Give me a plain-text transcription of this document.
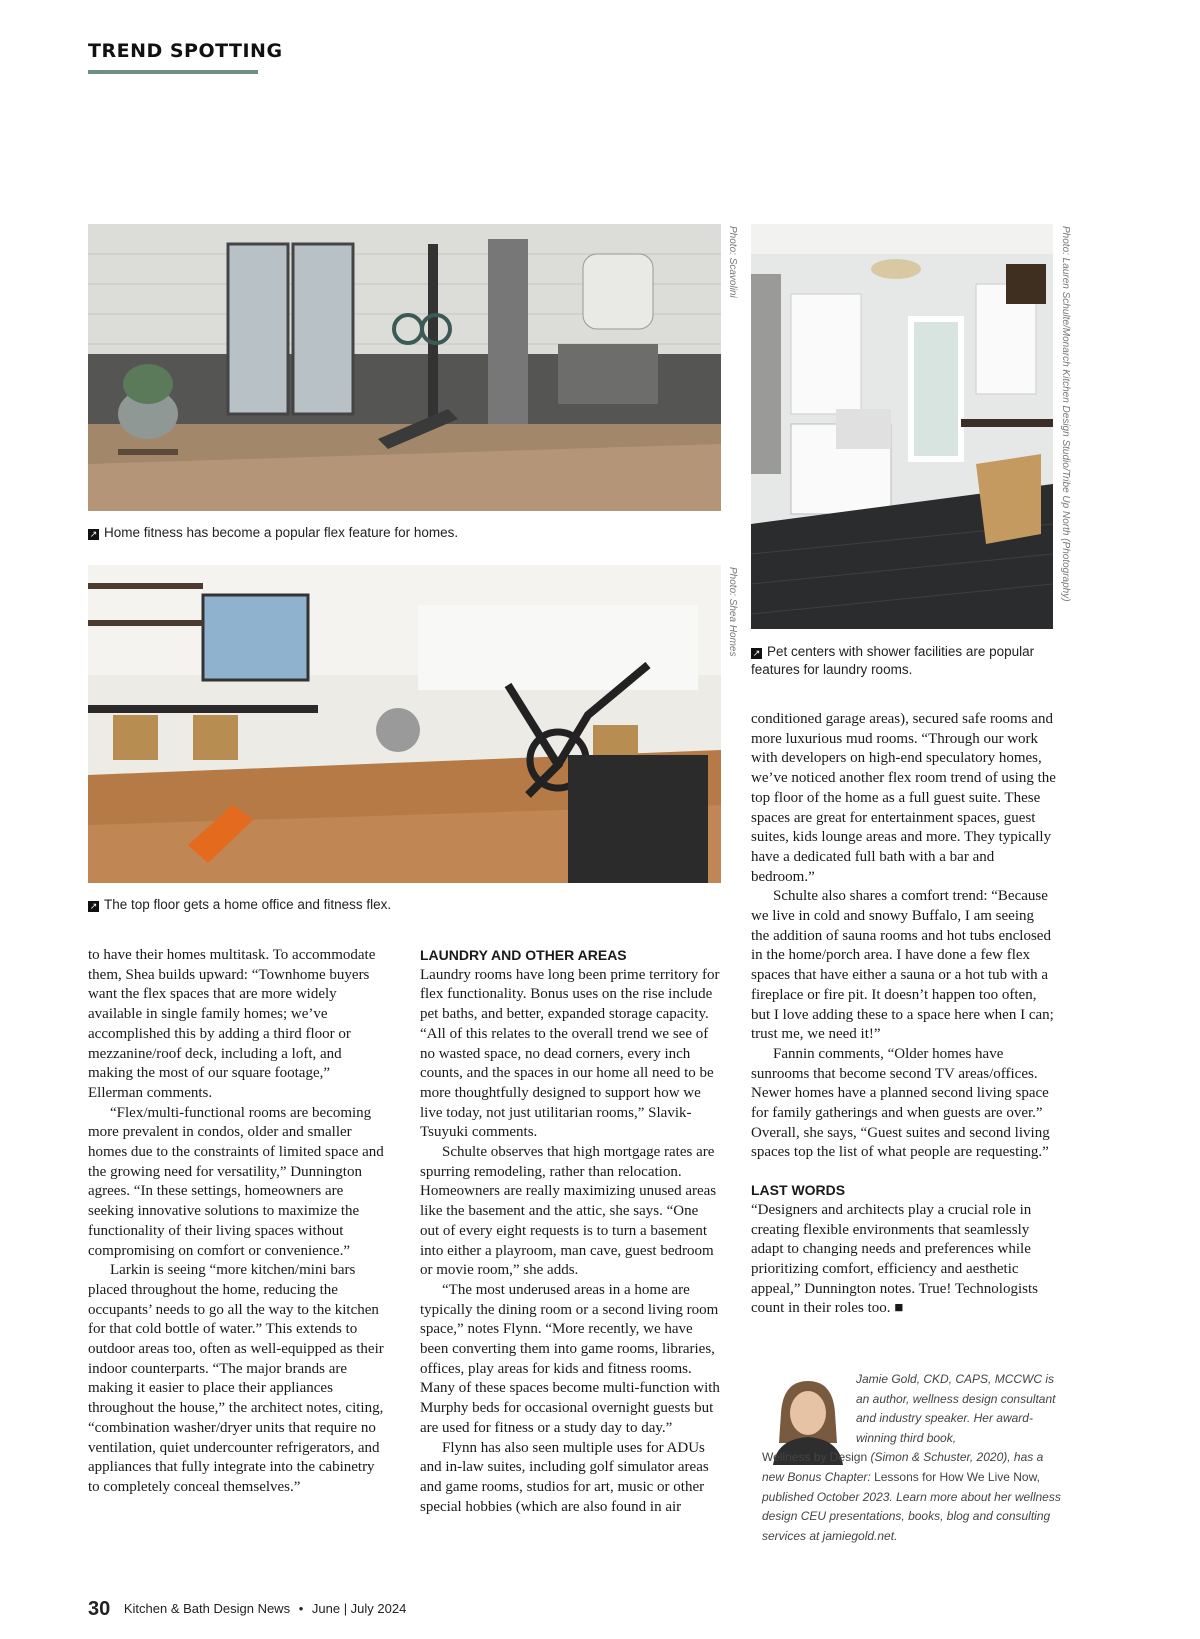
TREND SPOTTING
Photo: Scavolini
↗ Home fitness has become a popular flex feature for homes.
Photo: Shea Homes
↗ The top floor gets a home office and fitness flex.
Photo: Lauren Schulte/Monarch Kitchen Design Studio/Tribe Up North (Photography)
↗ Pet centers with shower facilities are popular features for laundry rooms.

to have their homes multitask. To accommodate them, Shea builds upward: “Townhome buyers want the flex spaces that are more widely available in single family homes; we’ve accomplished this by adding a third floor or mezzanine/roof deck, including a loft, and making the most of our square footage,” Ellerman comments.

“Flex/multi-functional rooms are becoming more prevalent in condos, older and smaller homes due to the constraints of limited space and the growing need for versatility,” Dunnington agrees. “In these settings, homeowners are seeking innovative solutions to maximize the functionality of their living spaces without compromising on comfort or convenience.”

Larkin is seeing “more kitchen/mini bars placed throughout the home, reducing the occupants’ needs to go all the way to the kitchen for that cold bottle of water.” This extends to outdoor areas too, often as well-equipped as their indoor counterparts. “The major brands are making it easier to place their appliances throughout the house,” the architect notes, citing, “combination washer/dryer units that require no ventilation, quiet undercounter refrigerators, and appliances that fully integrate into the cabinetry to completely conceal themselves.”

LAUNDRY AND OTHER AREAS

Laundry rooms have long been prime territory for flex functionality. Bonus uses on the rise include pet baths, and better, expanded storage capacity. “All of this relates to the overall trend we see of no wasted space, no dead corners, every inch counts, and the spaces in our home all need to be more thoughtfully designed to support how we live today, not just utilitarian rooms,” Slavik-Tsuyuki comments.

Schulte observes that high mortgage rates are spurring remodeling, rather than relocation. Homeowners are really maximizing unused areas like the basement and the attic, she says. “One out of every eight requests is to turn a basement into either a playroom, man cave, guest bedroom or movie room,” she adds.

“The most underused areas in a home are typically the dining room or a second living room space,” notes Flynn. “More recently, we have been converting them into game rooms, libraries, offices, play areas for kids and fitness rooms. Many of these spaces become multi-function with Murphy beds for occasional overnight guests but are used for fitness or a study day to day.”

Flynn has also seen multiple uses for ADUs and in-law suites, including golf simulator areas and game rooms, studios for art, music or other special hobbies (which are also found in air

conditioned garage areas), secured safe rooms and more luxurious mud rooms. “Through our work with developers on high-end speculatory homes, we’ve noticed another flex room trend of using the top floor of the home as a full guest suite. These spaces are great for entertainment spaces, guest suites, kids lounge areas and more. They typically have a dedicated full bath with a bar and bedroom.”

Schulte also shares a comfort trend: “Because we live in cold and snowy Buffalo, I am seeing the addition of sauna rooms and hot tubs enclosed in the home/porch area. I have done a few flex spaces that have either a sauna or a hot tub with a fireplace or fire pit. It doesn’t happen too often, but I love adding these to a space here when I can; trust me, we need it!”

Fannin comments, “Older homes have sunrooms that become second TV areas/offices. Newer homes have a planned second living space for family gatherings and when guests are over.” Overall, she says, “Guest suites and second living spaces top the list of what people are requesting.”

LAST WORDS

“Designers and architects play a crucial role in creating flexible environments that seamlessly adapt to changing needs and preferences while prioritizing comfort, efficiency and aesthetic appeal,” Dunnington notes. True! Technologists count in their roles too. ■

Jamie Gold, CKD, CAPS, MCCWC is an author, wellness design consultant and industry speaker. Her award-winning third book,
Wellness by Design (Simon & Schuster, 2020), has a new Bonus Chapter: Lessons for How We Live Now, published October 2023. Learn more about her wellness design CEU presentations, books, blog and consulting services at jamiegold.net.
30 Kitchen & Bath Design News • June | July 2024
